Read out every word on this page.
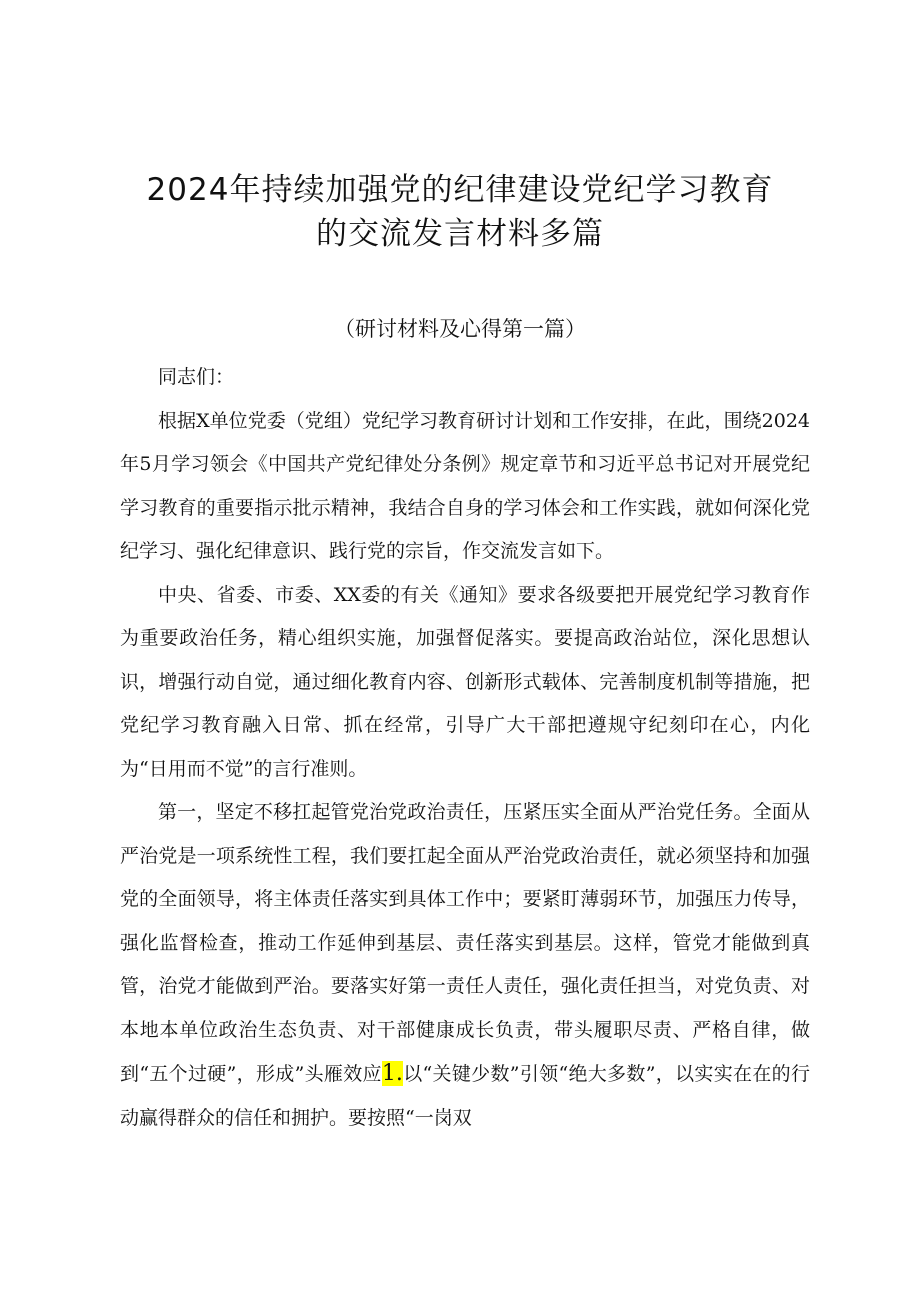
2024年持续加强党的纪律建设党纪学习教育
的交流发言材料多篇

（研讨材料及心得第一篇）

同志们：

根据X单位党委（党组）党纪学习教育研讨计划和工作安排，在此，围绕2024年5月学习领会《中国共产党纪律处分条例》规定章节和习近平总书记对开展党纪学习教育的重要指示批示精神，我结合自身的学习体会和工作实践，就如何深化党纪学习、强化纪律意识、践行党的宗旨，作交流发言如下。

中央、省委、市委、XX委的有关《通知》要求各级要把开展党纪学习教育作为重要政治任务，精心组织实施，加强督促落实。要提高政治站位，深化思想认识，增强行动自觉，通过细化教育内容、创新形式载体、完善制度机制等措施，把党纪学习教育融入日常、抓在经常，引导广大干部把遵规守纪刻印在心，内化为“日用而不觉”的言行准则。

第一，坚定不移扛起管党治党政治责任，压紧压实全面从严治党任务。全面从严治党是一项系统性工程，我们要扛起全面从严治党政治责任，就必须坚持和加强党的全面领导，将主体责任落实到具体工作中；要紧盯薄弱环节，加强压力传导，强化监督检查，推动工作延伸到基层、责任落实到基层。这样，管党才能做到真管，治党才能做到严治。要落实好第一责任人责任，强化责任担当，对党负责、对本地本单位政治生态负责、对干部健康成长负责，带头履职尽责、严格自律，做到“五个过硬”，形成”头雁效应1.以“关键少数”引领“绝大多数”，以实实在在的行动赢得群众的信任和拥护。要按照“一岗双
